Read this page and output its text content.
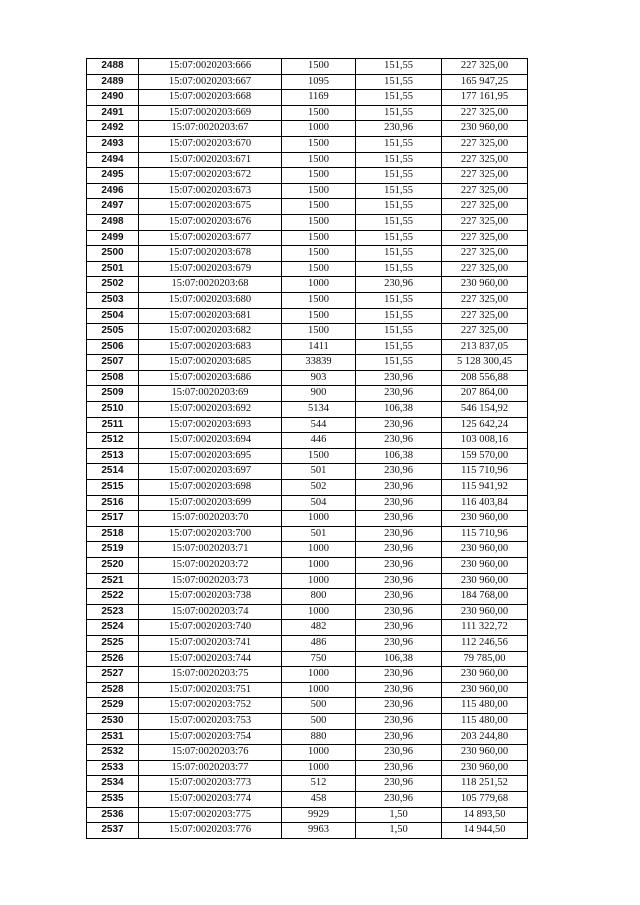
2488	15:07:0020203:666	1500	151,55	227 325,00
2489	15:07:0020203:667	1095	151,55	165 947,25
2490	15:07:0020203:668	1169	151,55	177 161,95
2491	15:07:0020203:669	1500	151,55	227 325,00
2492	15:07:0020203:67	1000	230,96	230 960,00
2493	15:07:0020203:670	1500	151,55	227 325,00
2494	15:07:0020203:671	1500	151,55	227 325,00
2495	15:07:0020203:672	1500	151,55	227 325,00
2496	15:07:0020203:673	1500	151,55	227 325,00
2497	15:07:0020203:675	1500	151,55	227 325,00
2498	15:07:0020203:676	1500	151,55	227 325,00
2499	15:07:0020203:677	1500	151,55	227 325,00
2500	15:07:0020203:678	1500	151,55	227 325,00
2501	15:07:0020203:679	1500	151,55	227 325,00
2502	15:07:0020203:68	1000	230,96	230 960,00
2503	15:07:0020203:680	1500	151,55	227 325,00
2504	15:07:0020203:681	1500	151,55	227 325,00
2505	15:07:0020203:682	1500	151,55	227 325,00
2506	15:07:0020203:683	1411	151,55	213 837,05
2507	15:07:0020203:685	33839	151,55	5 128 300,45
2508	15:07:0020203:686	903	230,96	208 556,88
2509	15:07:0020203:69	900	230,96	207 864,00
2510	15:07:0020203:692	5134	106,38	546 154,92
2511	15:07:0020203:693	544	230,96	125 642,24
2512	15:07:0020203:694	446	230,96	103 008,16
2513	15:07:0020203:695	1500	106,38	159 570,00
2514	15:07:0020203:697	501	230,96	115 710,96
2515	15:07:0020203:698	502	230,96	115 941,92
2516	15:07:0020203:699	504	230,96	116 403,84
2517	15:07:0020203:70	1000	230,96	230 960,00
2518	15:07:0020203:700	501	230,96	115 710,96
2519	15:07:0020203:71	1000	230,96	230 960,00
2520	15:07:0020203:72	1000	230,96	230 960,00
2521	15:07:0020203:73	1000	230,96	230 960,00
2522	15:07:0020203:738	800	230,96	184 768,00
2523	15:07:0020203:74	1000	230,96	230 960,00
2524	15:07:0020203:740	482	230,96	111 322,72
2525	15:07:0020203:741	486	230,96	112 246,56
2526	15:07:0020203:744	750	106,38	79 785,00
2527	15:07:0020203:75	1000	230,96	230 960,00
2528	15:07:0020203:751	1000	230,96	230 960,00
2529	15:07:0020203:752	500	230,96	115 480,00
2530	15:07:0020203:753	500	230,96	115 480,00
2531	15:07:0020203:754	880	230,96	203 244,80
2532	15:07:0020203:76	1000	230,96	230 960,00
2533	15:07:0020203:77	1000	230,96	230 960,00
2534	15:07:0020203:773	512	230,96	118 251,52
2535	15:07:0020203:774	458	230,96	105 779,68
2536	15:07:0020203:775	9929	1,50	14 893,50
2537	15:07:0020203:776	9963	1,50	14 944,50
